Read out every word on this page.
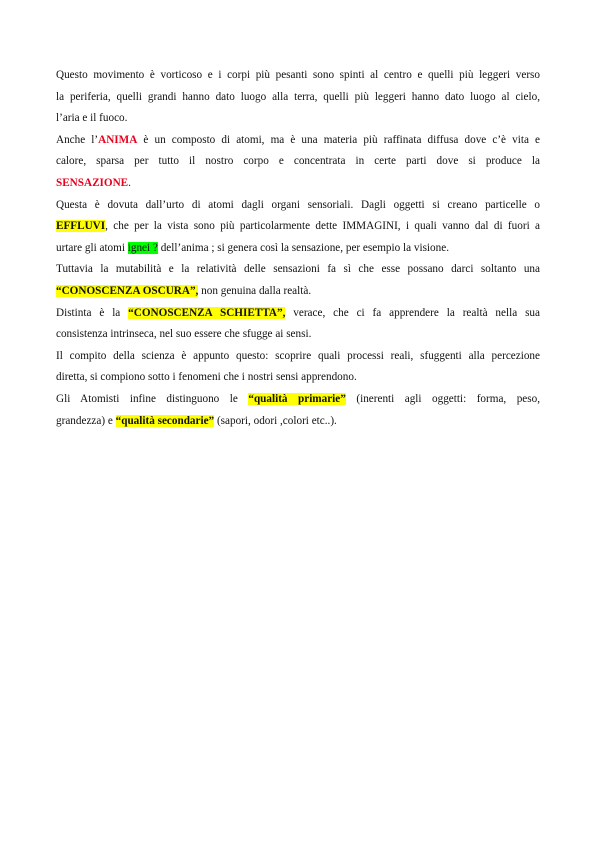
Questo movimento è vorticoso e i corpi più pesanti sono spinti al centro e quelli più leggeri verso
la periferia, quelli grandi hanno dato luogo alla terra, quelli più leggeri hanno dato luogo al cielo,
l’aria e il fuoco.
Anche l’ANIMA è un composto di atomi, ma è una materia più raffinata diffusa dove c’è vita e
calore, sparsa per tutto il nostro corpo e concentrata in certe parti dove si produce la
SENSAZIONE.
Questa è dovuta dall’urto di atomi dagli organi sensoriali. Dagli oggetti si creano particelle o
EFFLUVI, che per la vista sono più particolarmente dette IMMAGINI, i quali vanno dal di fuori a
urtare gli atomi ignei ? dell’anima ; si genera così la sensazione, per esempio la visione.
Tuttavia la mutabilità e la relatività delle sensazioni fa sì che esse possano darci soltanto una
“CONOSCENZA OSCURA”, non genuina dalla realtà.
Distinta è la “CONOSCENZA SCHIETTA”, verace, che ci fa apprendere la realtà nella sua
consistenza intrinseca, nel suo essere che sfugge ai sensi.
Il compito della scienza è appunto questo: scoprire quali processi reali, sfuggenti alla percezione
diretta, si compiono sotto i fenomeni che i nostri sensi apprendono.
Gli Atomisti infine distinguono le “qualità primarie” (inerenti agli oggetti: forma, peso,
grandezza) e “qualità secondarie” (sapori, odori ,colori etc..).
